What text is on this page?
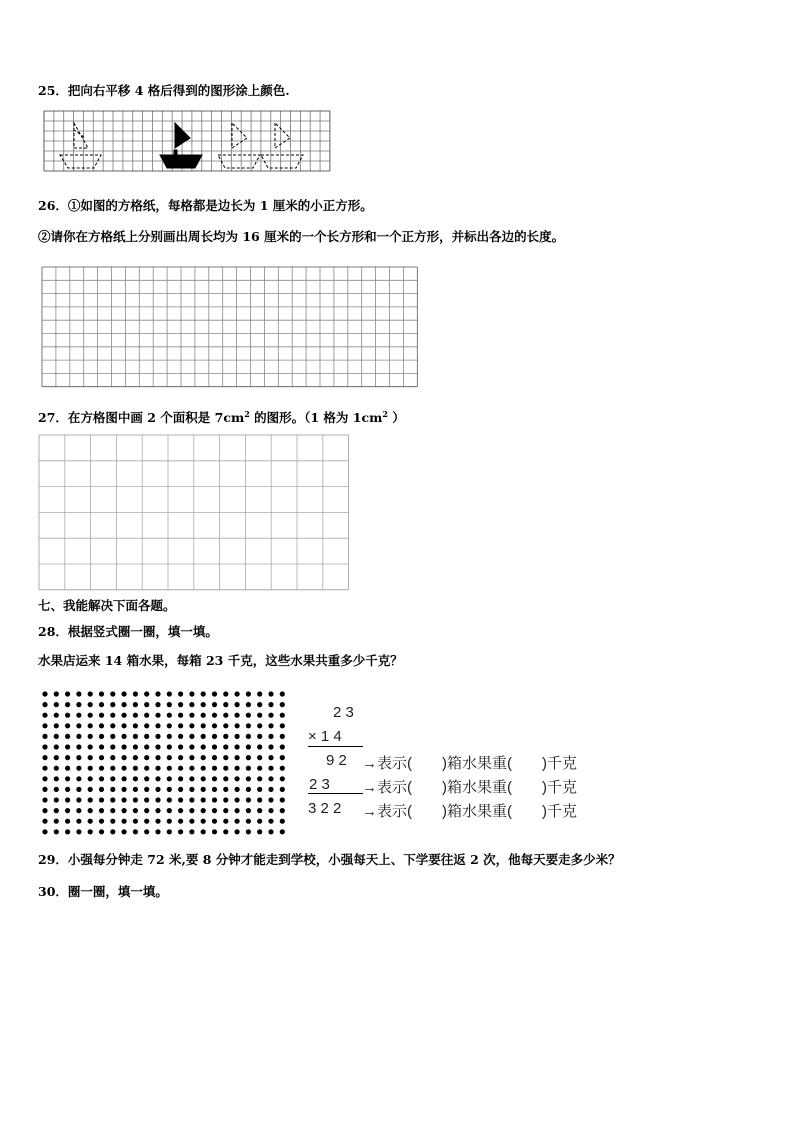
25．把向右平移 4 格后得到的图形涂上颜色.
26．①如图的方格纸，每格都是边长为 1 厘米的小正方形。
②请你在方格纸上分别画出周长均为 16 厘米的一个长方形和一个正方形，并标出各边的长度。
27．在方格图中画 2 个面积是 $7cm^2$ 的图形。（1 格为 $1cm^2$ ）
七、我能解决下面各题。
28．根据竖式圈一圈，填一填。
水果店运来 14 箱水果，每箱 23 千克，这些水果共重多少千克？
2 3
× 1 4
9 2 →表示(　　)箱水果重(　　)千克
2 3 →表示(　　)箱水果重(　　)千克
3 2 2 →表示(　　)箱水果重(　　)千克
29．小强每分钟走 72 米,要 8 分钟才能走到学校，小强每天上、下学要往返 2 次，他每天要走多少米？
30．圈一圈，填一填。
